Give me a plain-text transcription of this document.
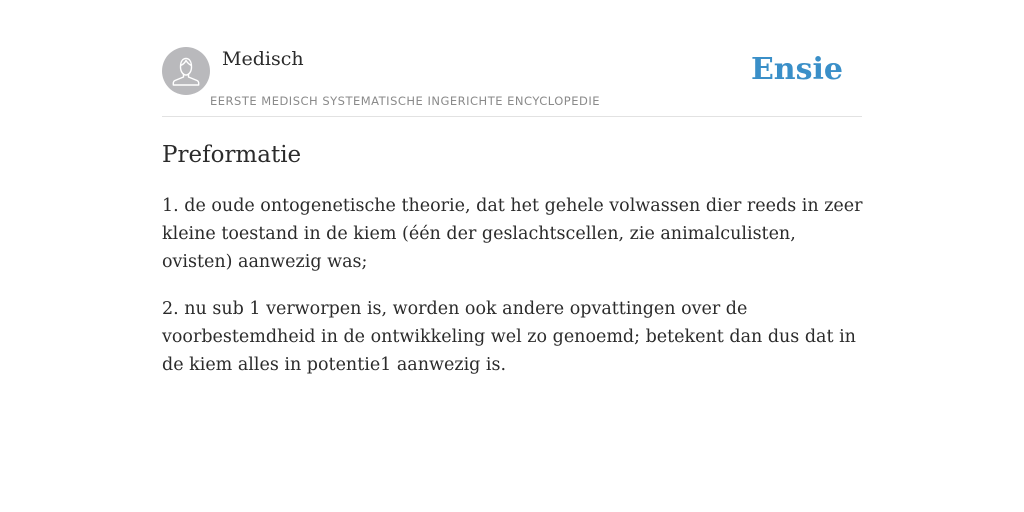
Medisch
EERSTE MEDISCH SYSTEMATISCHE INGERICHTE ENCYCLOPEDIE
Ensie
Preformatie

1. de oude ontogenetische theorie, dat het gehele volwassen dier reeds in zeer kleine toestand in de kiem (één der geslachtscellen, zie animalculisten, ovisten) aanwezig was;

2. nu sub 1 verworpen is, worden ook andere opvattingen over de voorbestemdheid in de ontwikkeling wel zo genoemd; betekent dan dus dat in de kiem alles in potentie1 aanwezig is.
